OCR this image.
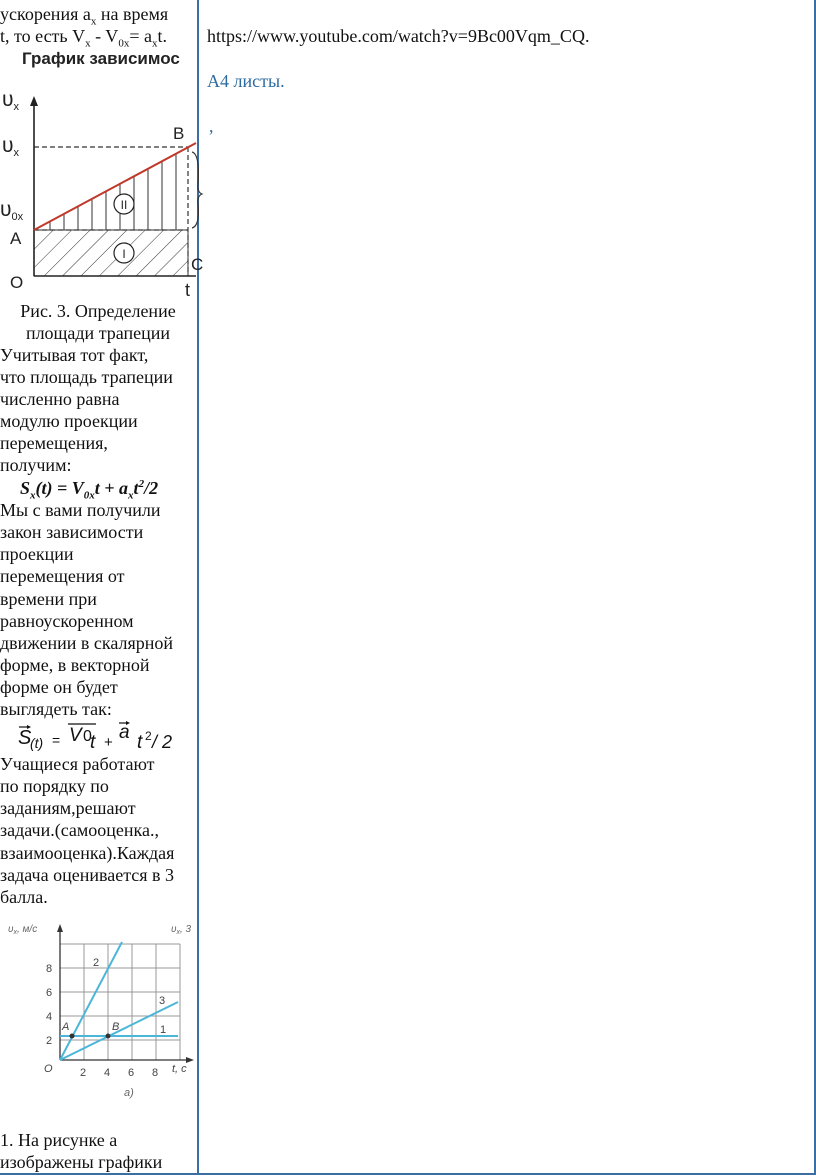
ускорения $a_x$ на время
t, то есть $V_x - V_{0x}= a_xt$.
График зависимос
υx
υx
υ0x
A
B
O	t
C
II
I
Рис. 3. Определение
площади трапеции
Учитывая тот факт,
что площадь трапеции
численно равна
модулю проекции
перемещения,
получим:
$S_x(t) = V_{0x}t + a_xt^2/2$
Мы с вами получили
закон зависимости
проекции
перемещения от
времени при
равноускоренном
движении в скалярной
форме, в векторной
форме он будет
выглядеть так:
S
(t) = V 0
t + a t 2 / 2
Учащиеся работают
по порядку по
заданиям,решают
задачи.(самооценка.,
взаимооценка).Каждая
задача оценивается в 3
балла.
$\upsilon_x$, м/с	$\upsilon_x$, 3
2
4
6
8
2 4 6 8 t, c
O
1
2
3
A	B
а)
1. На рисунке а
изображены графики
https://www.youtube.com/watch?v=9Bc00Vqm_CQ.
А4 листы.
,
